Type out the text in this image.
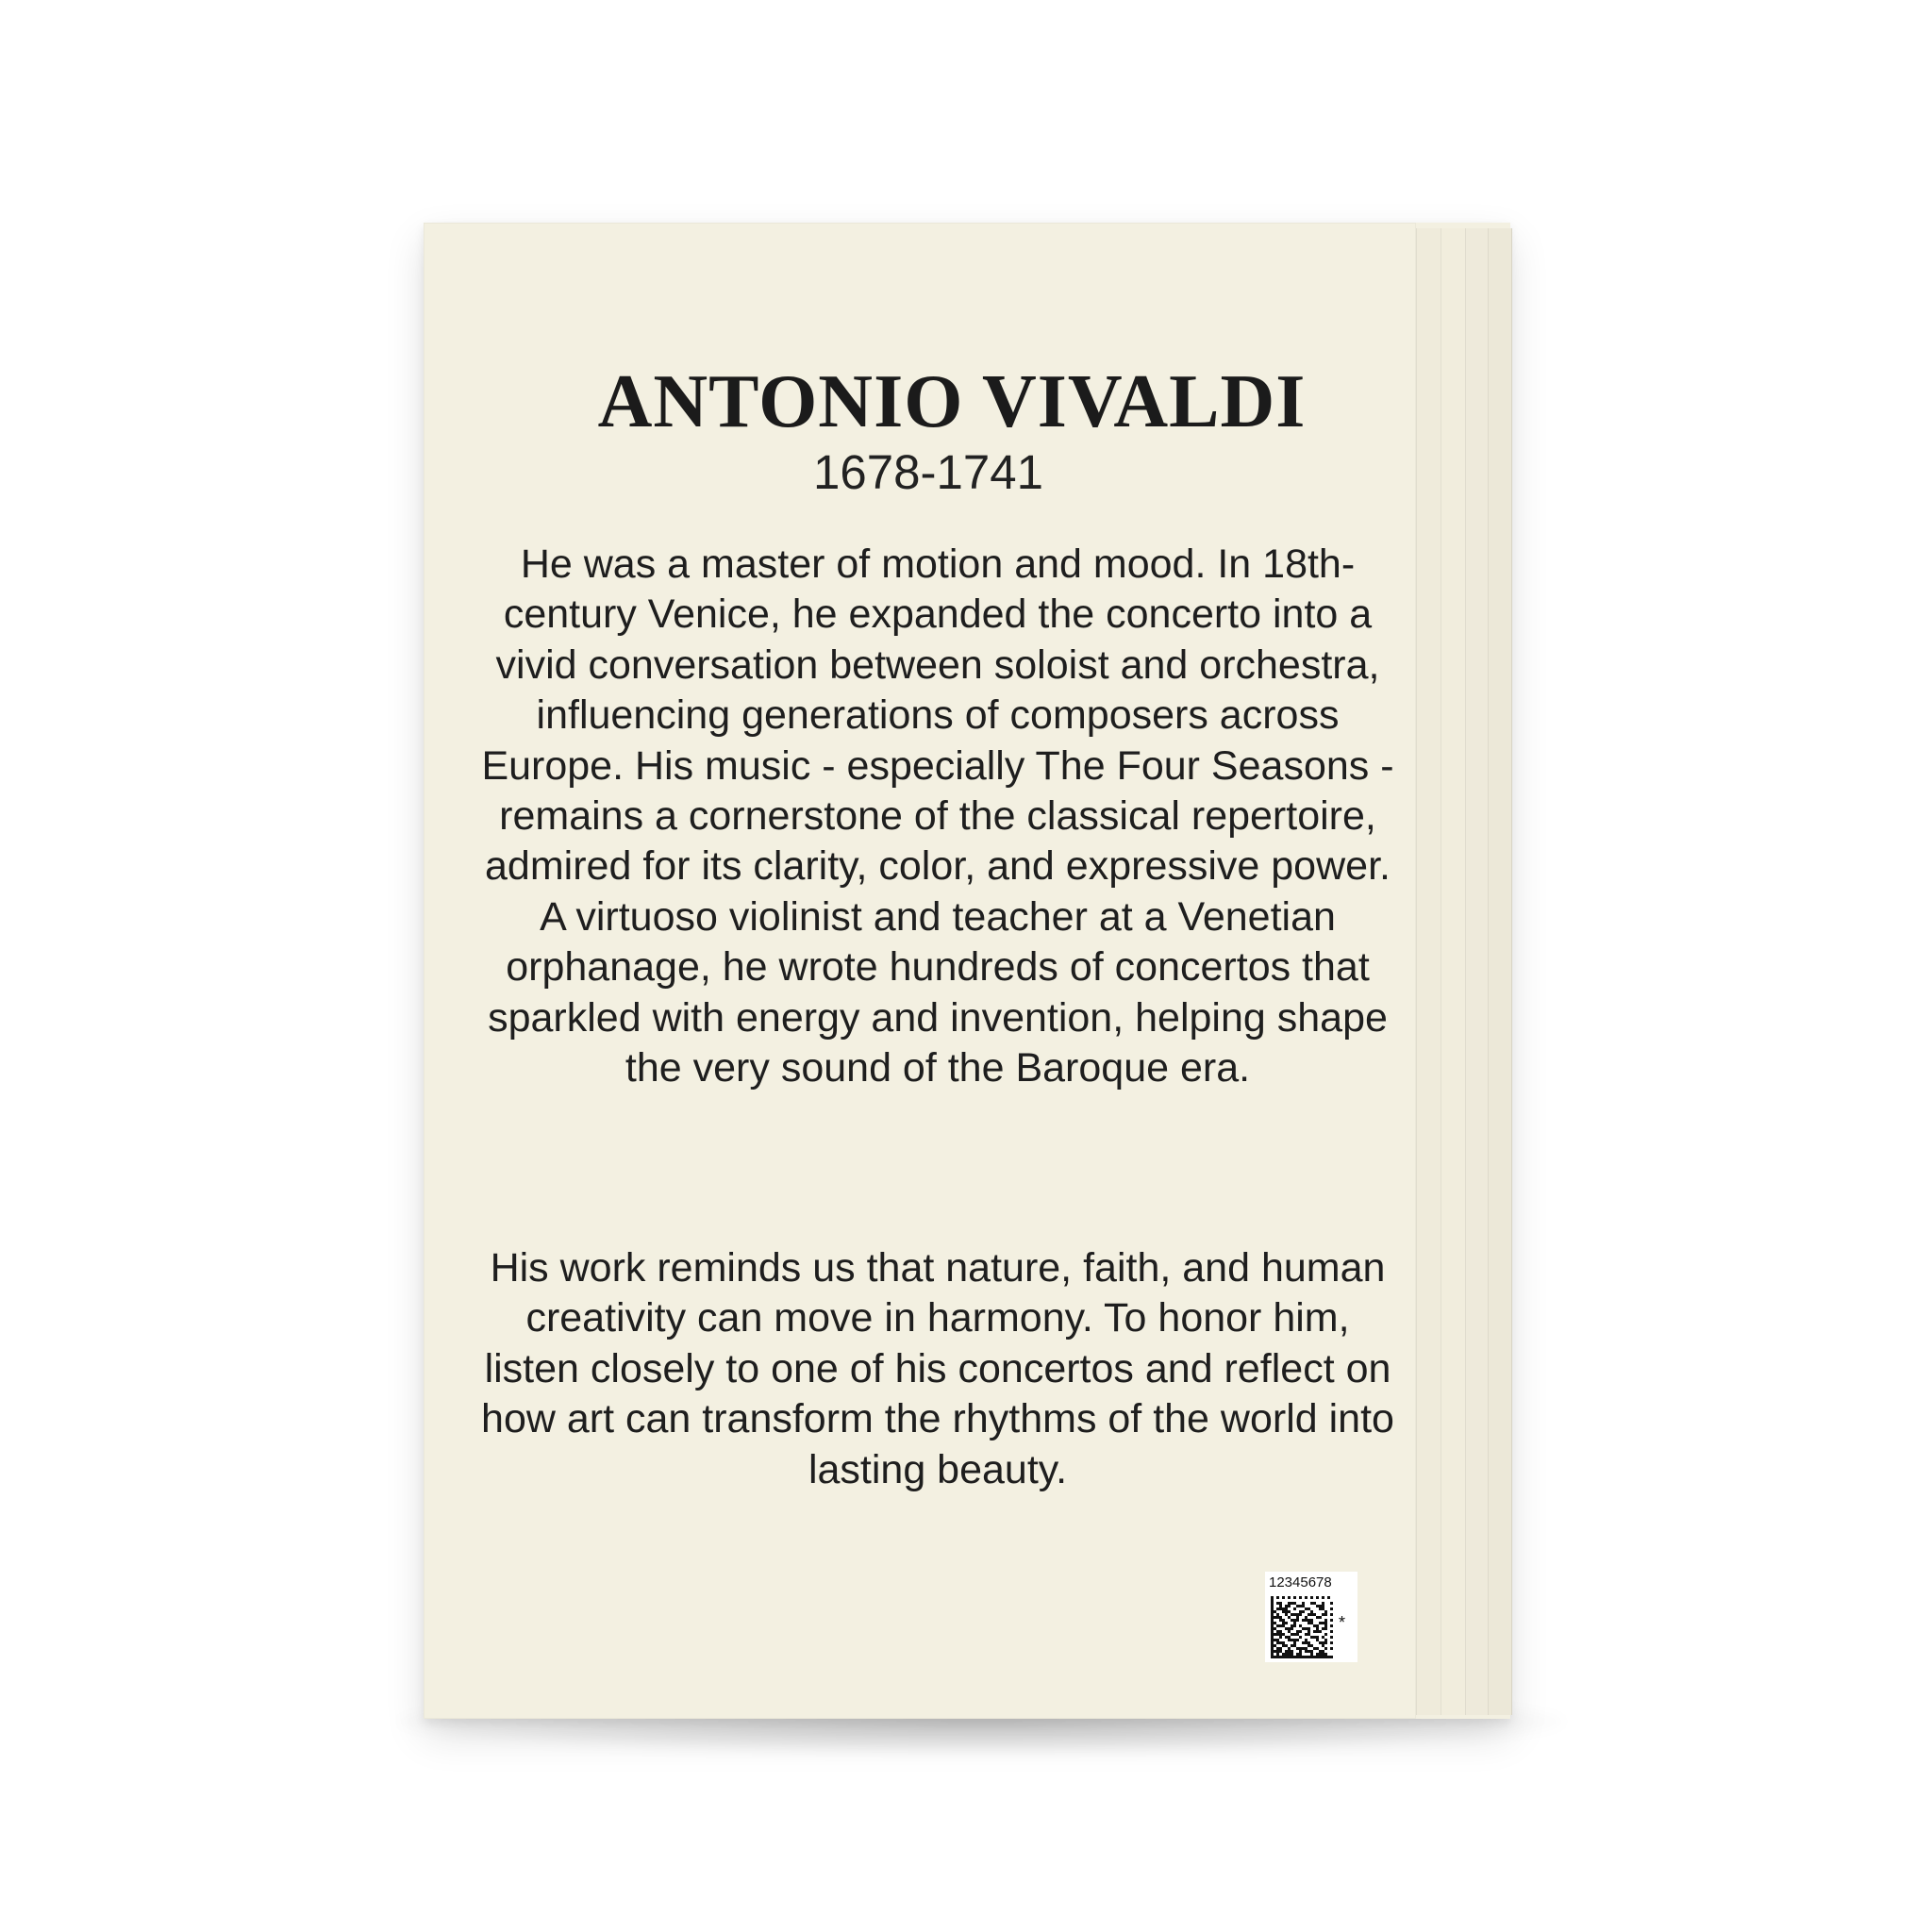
ANTONIO VIVALDI

1678-1741

He was a master of motion and mood. In 18th-century Venice, he expanded the concerto into a vivid conversation between soloist and orchestra, influencing generations of composers across Europe. His music - especially The Four Seasons - remains a cornerstone of the classical repertoire, admired for its clarity, color, and expressive power. A virtuoso violinist and teacher at a Venetian orphanage, he wrote hundreds of concertos that sparkled with energy and invention, helping shape the very sound of the Baroque era.

His work reminds us that nature, faith, and human creativity can move in harmony. To honor him, listen closely to one of his concertos and reflect on how art can transform the rhythms of the world into lasting beauty.

12345678
*
